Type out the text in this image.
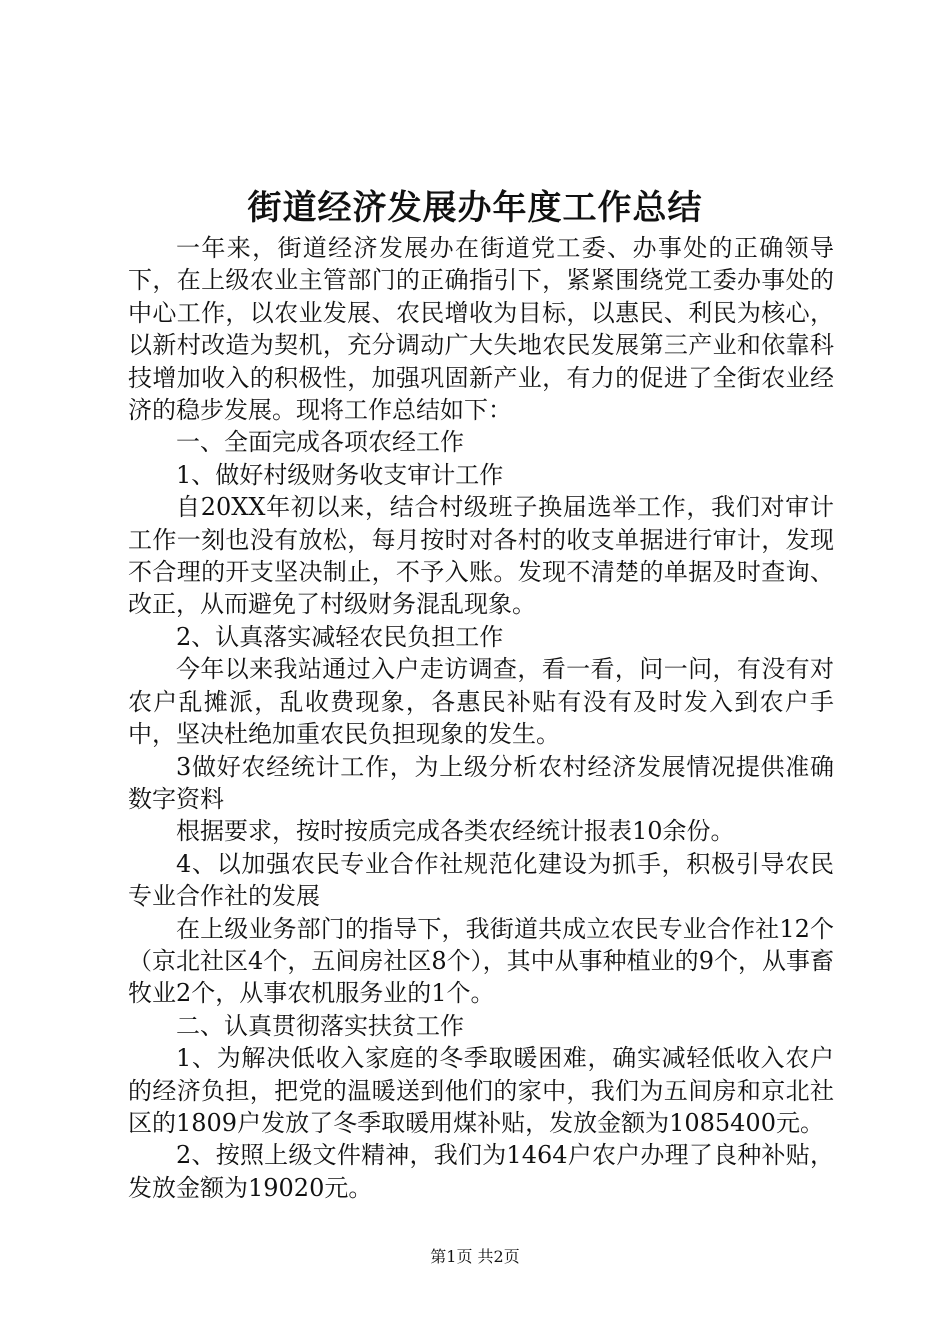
街道经济发展办年度工作总结

一年来，街道经济发展办在街道党工委、办事处的正确领导下，在上级农业主管部门的正确指引下，紧紧围绕党工委办事处的中心工作，以农业发展、农民增收为目标，以惠民、利民为核心，以新村改造为契机，充分调动广大失地农民发展第三产业和依靠科技增加收入的积极性，加强巩固新产业，有力的促进了全街农业经济的稳步发展。现将工作总结如下：

一、全面完成各项农经工作

1、做好村级财务收支审计工作

自20XX年初以来，结合村级班子换届选举工作，我们对审计工作一刻也没有放松，每月按时对各村的收支单据进行审计，发现不合理的开支坚决制止，不予入账。发现不清楚的单据及时查询、改正，从而避免了村级财务混乱现象。

2、认真落实减轻农民负担工作

今年以来我站通过入户走访调查，看一看，问一问，有没有对农户乱摊派，乱收费现象，各惠民补贴有没有及时发入到农户手中，坚决杜绝加重农民负担现象的发生。

3做好农经统计工作，为上级分析农村经济发展情况提供准确数字资料

根据要求，按时按质完成各类农经统计报表10余份。

4、以加强农民专业合作社规范化建设为抓手，积极引导农民专业合作社的发展

在上级业务部门的指导下，我街道共成立农民专业合作社12个（京北社区4个，五间房社区8个），其中从事种植业的9个，从事畜牧业2个，从事农机服务业的1个。

二、认真贯彻落实扶贫工作

1、为解决低收入家庭的冬季取暖困难，确实减轻低收入农户的经济负担，把党的温暖送到他们的家中，我们为五间房和京北社区的1809户发放了冬季取暖用煤补贴，发放金额为1085400元。

2、按照上级文件精神，我们为1464户农户办理了良种补贴，发放金额为19020元。

第1页 共2页
